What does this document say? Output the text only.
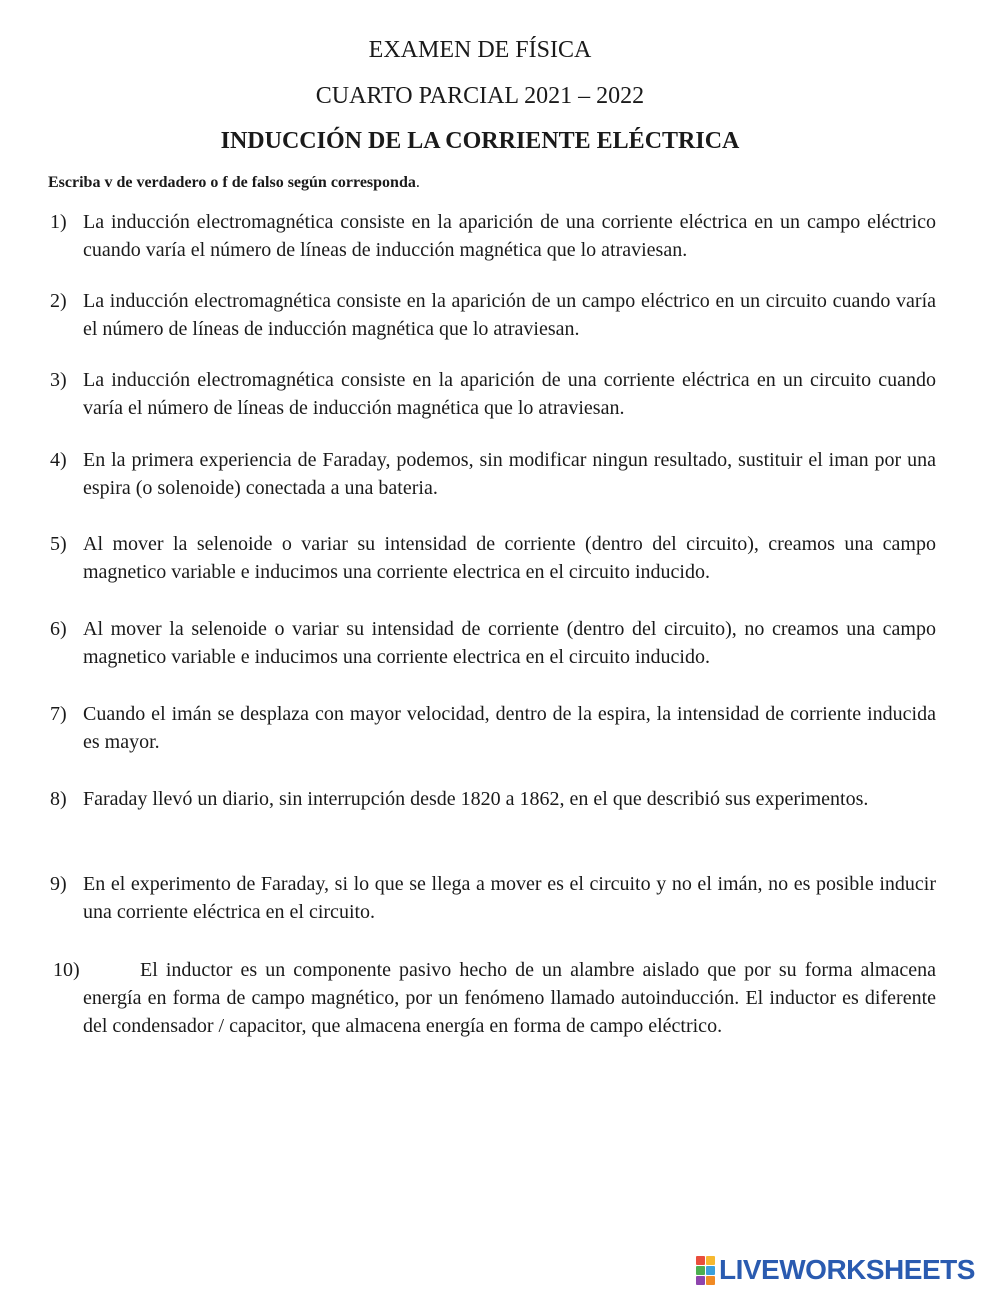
EXAMEN DE FÍSICA
CUARTO PARCIAL 2021 – 2022
INDUCCIÓN DE LA CORRIENTE ELÉCTRICA
Escriba v de verdadero o f de falso según corresponda.
1) La inducción electromagnética consiste en la aparición de una corriente eléctrica en un campo eléctrico cuando varía el número de líneas de inducción magnética que lo atraviesan.
2) La inducción electromagnética consiste en la aparición de un campo eléctrico en un circuito cuando varía el número de líneas de inducción magnética que lo atraviesan.
3) La inducción electromagnética consiste en la aparición de una corriente eléctrica en un circuito cuando varía el número de líneas de inducción magnética que lo atraviesan.
4) En la primera experiencia de Faraday, podemos, sin modificar ningun resultado, sustituir el iman por una espira (o solenoide) conectada a una bateria.
5) Al mover la selenoide o variar su intensidad de corriente (dentro del circuito), creamos una campo magnetico variable e inducimos una corriente electrica en el circuito inducido.
6) Al mover la selenoide o variar su intensidad de corriente (dentro del circuito), no creamos una campo magnetico variable e inducimos una corriente electrica en el circuito inducido.
7) Cuando el imán se desplaza con mayor velocidad, dentro de la espira, la intensidad de corriente inducida es mayor.
8) Faraday llevó un diario, sin interrupción desde 1820 a 1862, en el que describió sus experimentos.
9) En el experimento de Faraday, si lo que se llega a mover es el circuito y no el imán, no es posible inducir una corriente eléctrica en el circuito.
10)	El inductor es un componente pasivo hecho de un alambre aislado que por su forma almacena energía en forma de campo magnético, por un fenómeno llamado autoinducción. El inductor es diferente del condensador / capacitor, que almacena energía en forma de campo eléctrico.
LIVEWORKSHEETS
